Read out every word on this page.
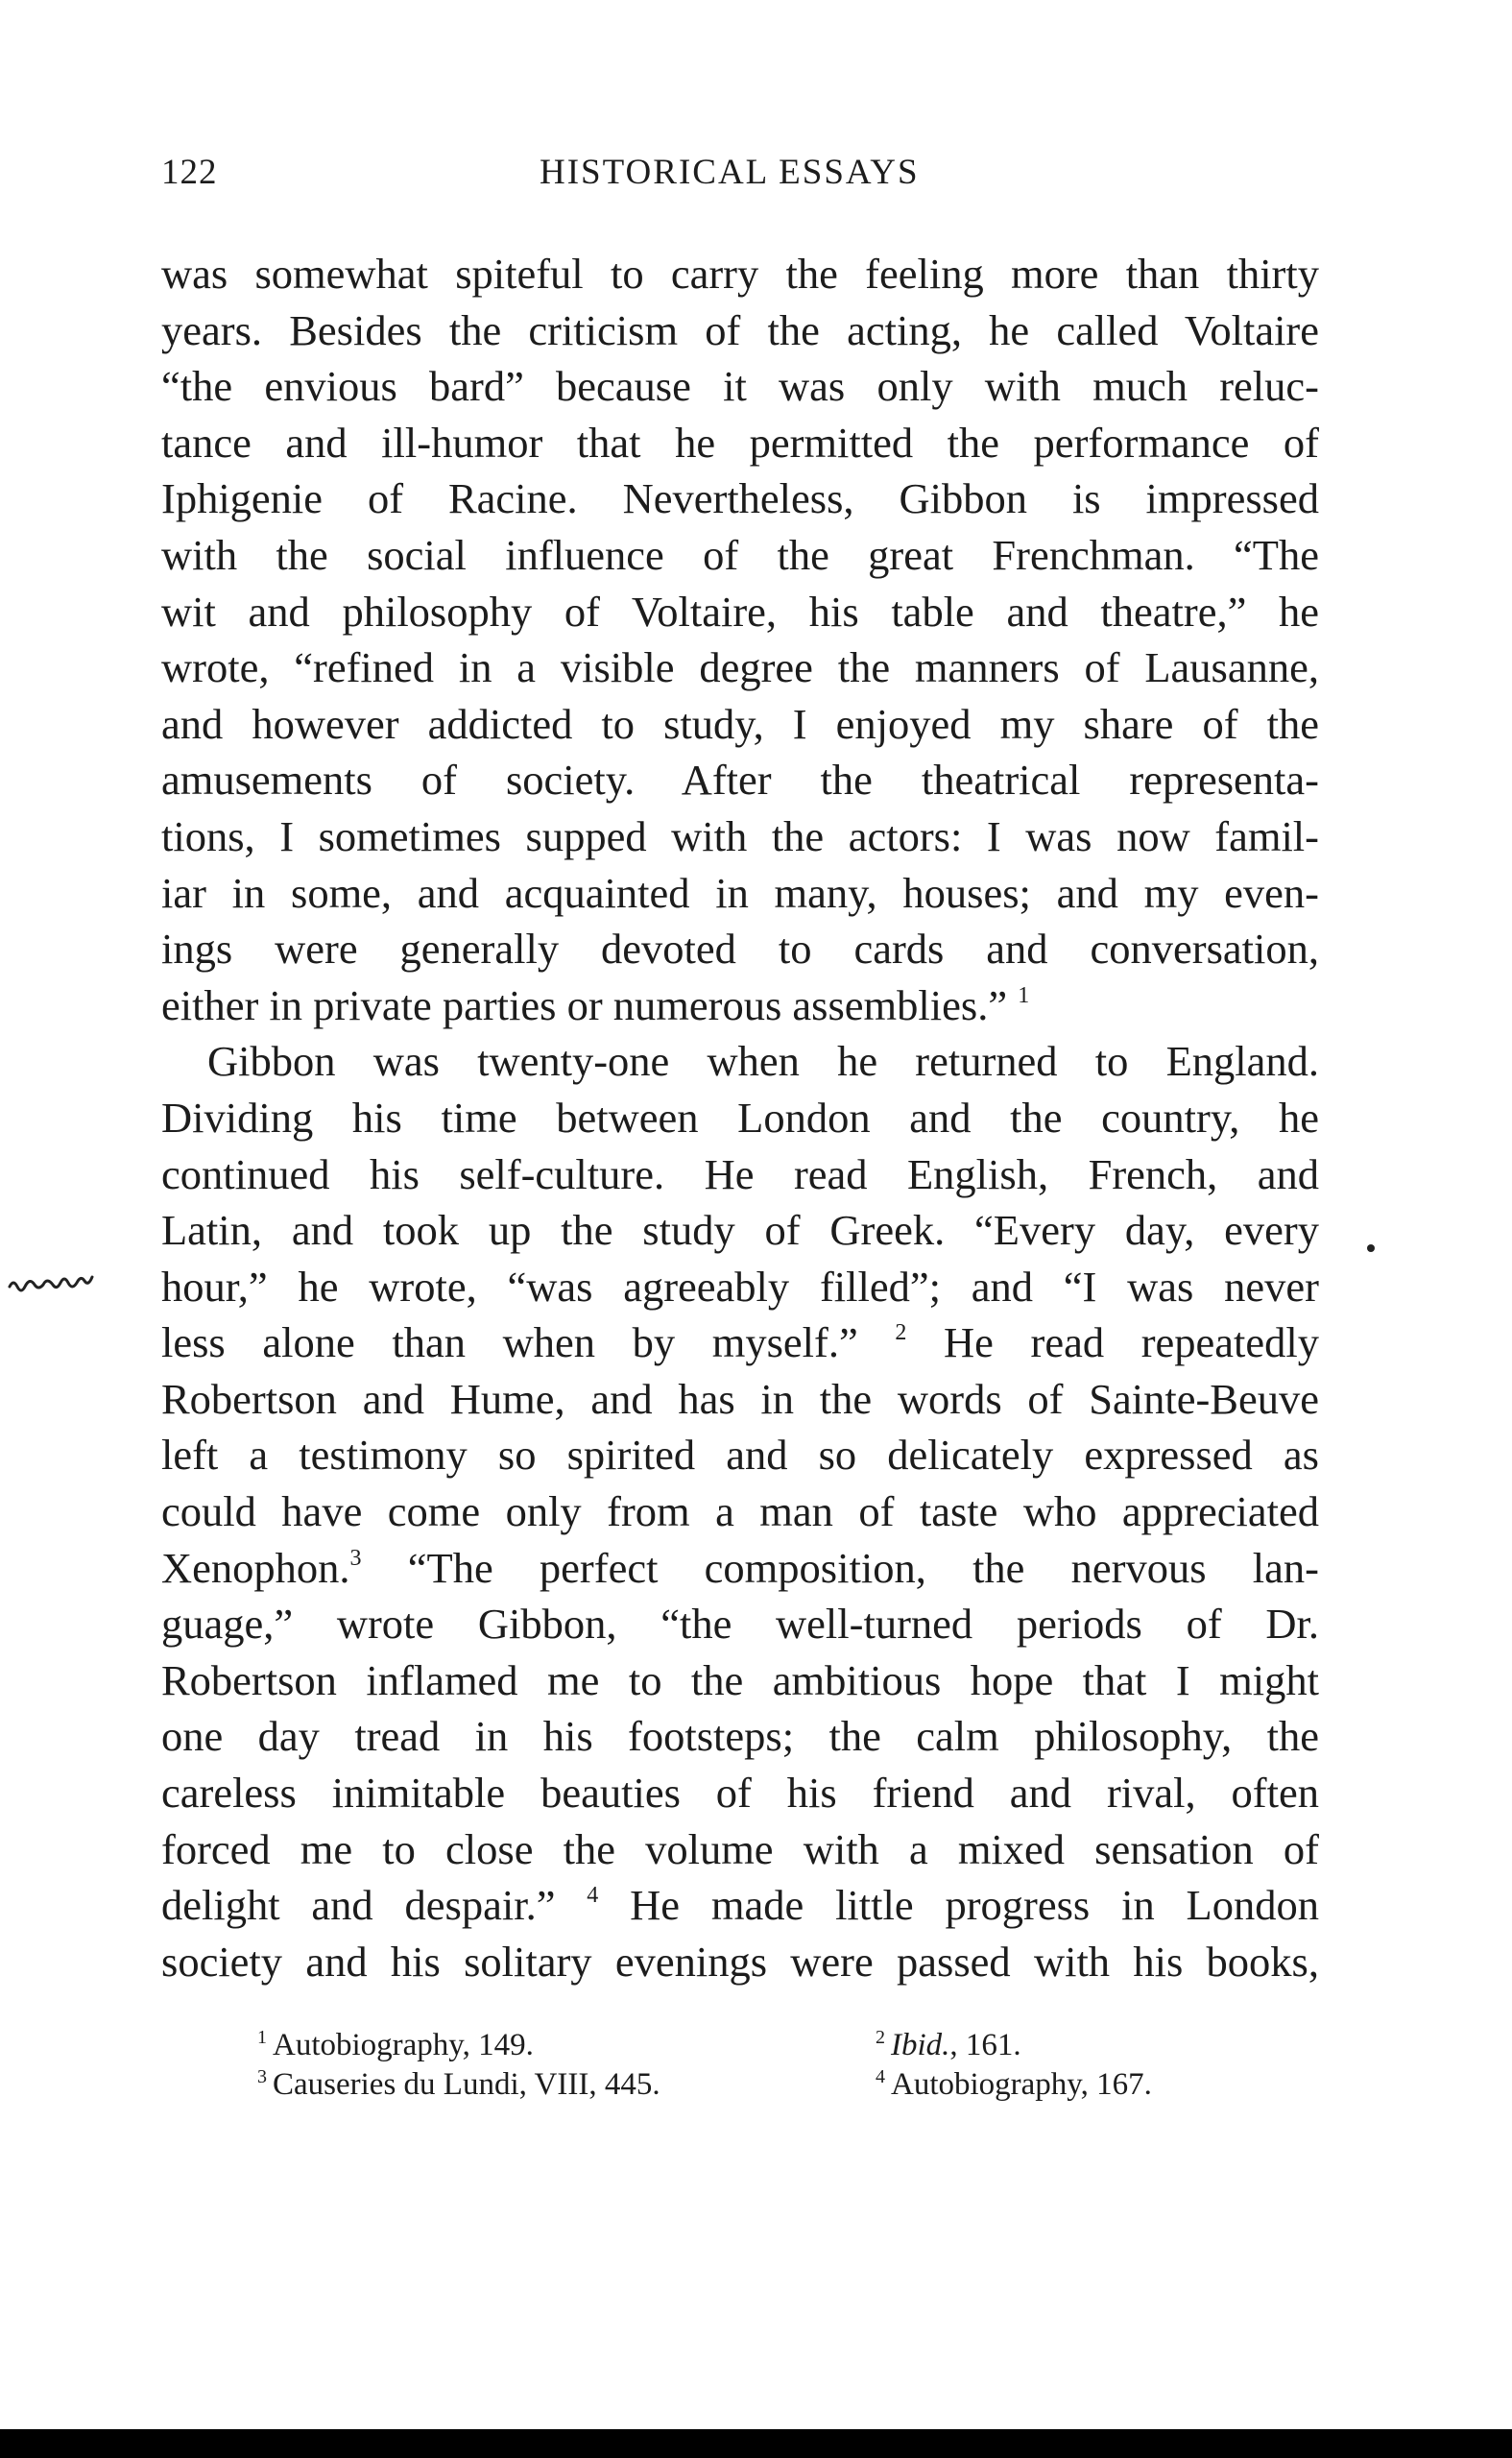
122	HISTORICAL ESSAYS
was somewhat spiteful to carry the feeling more than thirty
years. Besides the criticism of the acting, he called Voltaire
“the envious bard” because it was only with much reluc-
tance and ill-humor that he permitted the performance of
Iphigenie of Racine. Nevertheless, Gibbon is impressed
with the social influence of the great Frenchman. “The
wit and philosophy of Voltaire, his table and theatre,” he
wrote, “refined in a visible degree the manners of Lausanne,
and however addicted to study, I enjoyed my share of the
amusements of society. After the theatrical representa-
tions, I sometimes supped with the actors: I was now famil-
iar in some, and acquainted in many, houses; and my even-
ings were generally devoted to cards and conversation,
either in private parties or numerous assemblies.” $^1$
Gibbon was twenty-one when he returned to England.
Dividing his time between London and the country, he
continued his self-culture. He read English, French, and
Latin, and took up the study of Greek. “Every day, every
hour,” he wrote, “was agreeably filled”; and “I was never
less alone than when by myself.” $^2$ He read repeatedly
Robertson and Hume, and has in the words of Sainte-Beuve
left a testimony so spirited and so delicately expressed as
could have come only from a man of taste who appreciated
Xenophon.$^3$ “The perfect composition, the nervous lan-
guage,” wrote Gibbon, “the well-turned periods of Dr.
Robertson inflamed me to the ambitious hope that I might
one day tread in his footsteps; the calm philosophy, the
careless inimitable beauties of his friend and rival, often
forced me to close the volume with a mixed sensation of
delight and despair.” $^4$ He made little progress in London
society and his solitary evenings were passed with his books,
$^1$ Autobiography, 149.	$^2$ Ibid., 161.
$^3$ Causeries du Lundi, VIII, 445.	$^4$ Autobiography, 167.
